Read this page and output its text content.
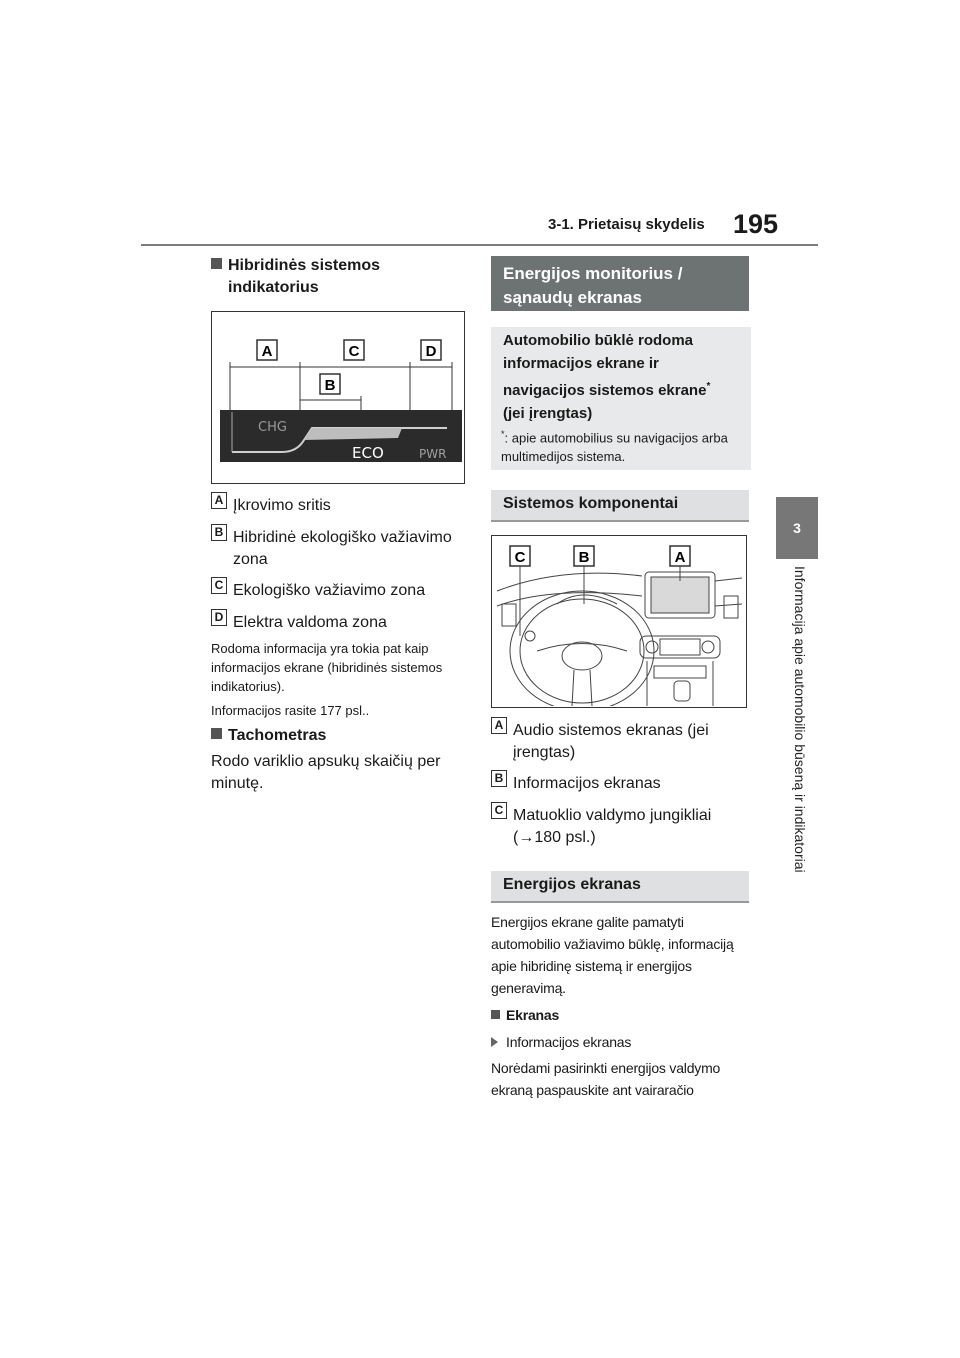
3-1. Prietaisų skydelis 195
3
Informacija apie automobilio būseną ir indikatoriai
Hibridinės sistemos indikatorius
A	C	D
B
CHG
ECO	PWR
A Įkrovimo sritis
B Hibridinė ekologiško važiavimo zona
C Ekologiško važiavimo zona
D Elektra valdoma zona
Rodoma informacija yra tokia pat kaip informacijos ekrane (hibridinės sistemos indikatorius).
Informacijos rasite 177 psl..
Tachometras
Rodo variklio apsukų skaičių per minutę.
Energijos monitorius / sąnaudų ekranas
Automobilio būklė rodoma informacijos ekrane ir navigacijos sistemos ekrane* (jei įrengtas)
*: apie automobilius su navigacijos arba multimedijos sistema.
Sistemos komponentai
C	B	A
A Audio sistemos ekranas (jei įrengtas)
B Informacijos ekranas
C Matuoklio valdymo jungikliai
(→180 psl.)
Energijos ekranas
Energijos ekrane galite pamatyti automobilio važiavimo būklę, informaciją apie hibridinę sistemą ir energijos generavimą.
Ekranas
Informacijos ekranas
Norėdami pasirinkti energijos valdymo ekraną paspauskite ant vairaračio
